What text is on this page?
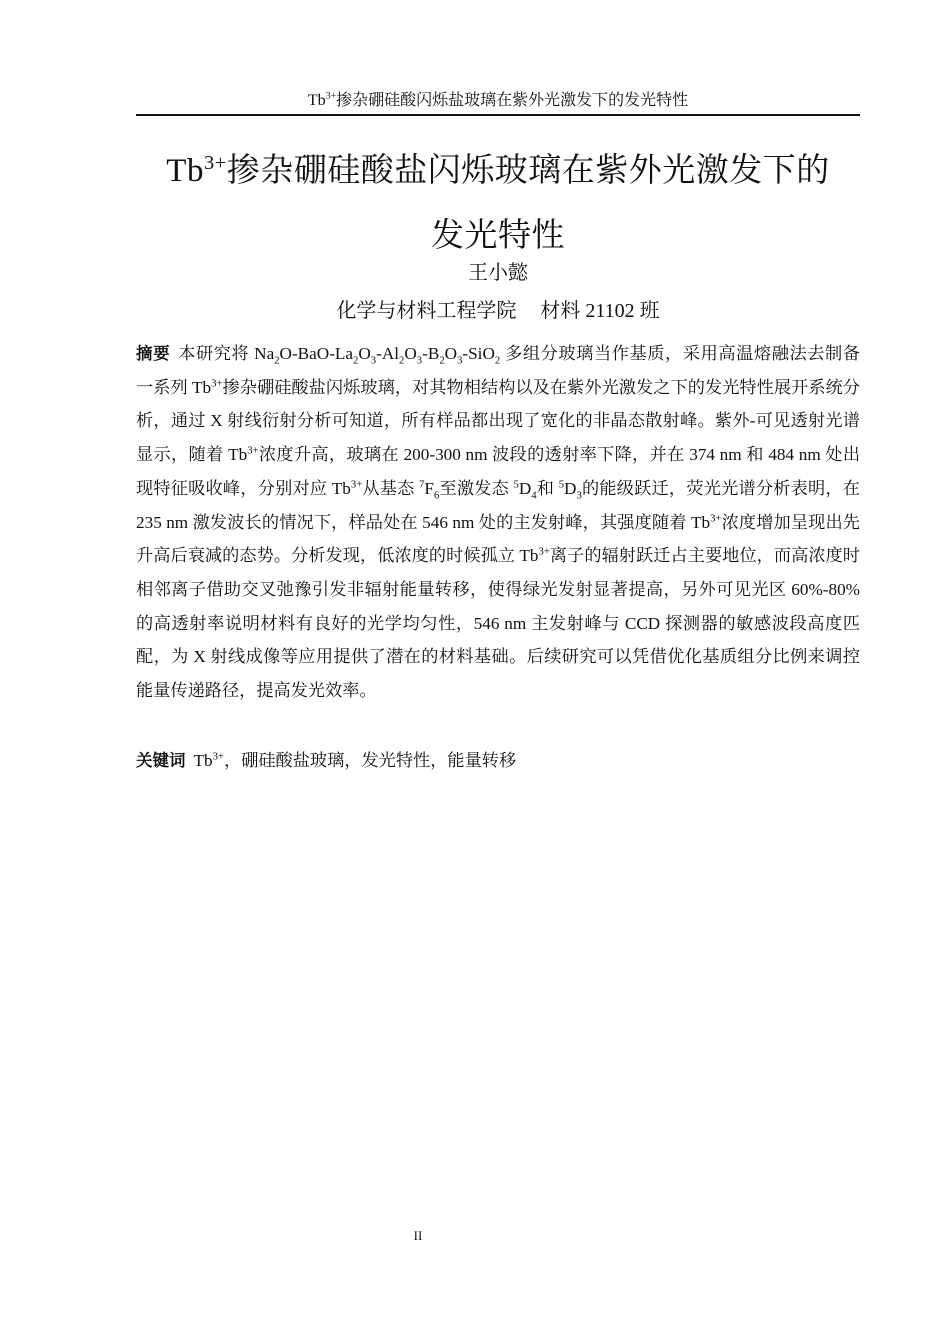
$Tb^{3+}$掺杂硼硅酸闪烁盐玻璃在紫外光激发下的发光特性
$Tb^{3+}$掺杂硼硅酸盐闪烁玻璃在紫外光激发下的
发光特性
王小懿
化学与材料工程学院 材料 21102 班
摘要 本研究将 $Na_2O-BaO-La_2O_3-Al_2O_3-B_2O_3-SiO_2$ 多组分玻璃当作基质，采用高温熔融法去制备一系列 $Tb^{3+}$掺杂硼硅酸盐闪烁玻璃，对其物相结构以及在紫外光激发之下的发光特性展开系统分析，通过 X 射线衍射分析可知道，所有样品都出现了宽化的非晶态散射峰。紫外-可见透射光谱显示，随着 $Tb^{3+}$浓度升高，玻璃在 200-300 nm 波段的透射率下降，并在 374 nm 和 484 nm 处出现特征吸收峰，分别对应 $Tb^{3+}$从基态 $^7F_6$至激发态 $^5D_4$和 $^5D_3$的能级跃迁，荧光光谱分析表明，在 235 nm 激发波长的情况下，样品处在 546 nm 处的主发射峰，其强度随着 $Tb^{3+}$浓度增加呈现出先升高后衰减的态势。分析发现，低浓度的时候孤立 $Tb^{3+}$离子的辐射跃迁占主要地位，而高浓度时相邻离子借助交叉弛豫引发非辐射能量转移，使得绿光发射显著提高，另外可见光区 60%-80%的高透射率说明材料有良好的光学均匀性，546 nm 主发射峰与 CCD 探测器的敏感波段高度匹配，为 X 射线成像等应用提供了潜在的材料基础。后续研究可以凭借优化基质组分比例来调控能量传递路径，提高发光效率。
关键词 $Tb^{3+}$，硼硅酸盐玻璃，发光特性，能量转移
II
